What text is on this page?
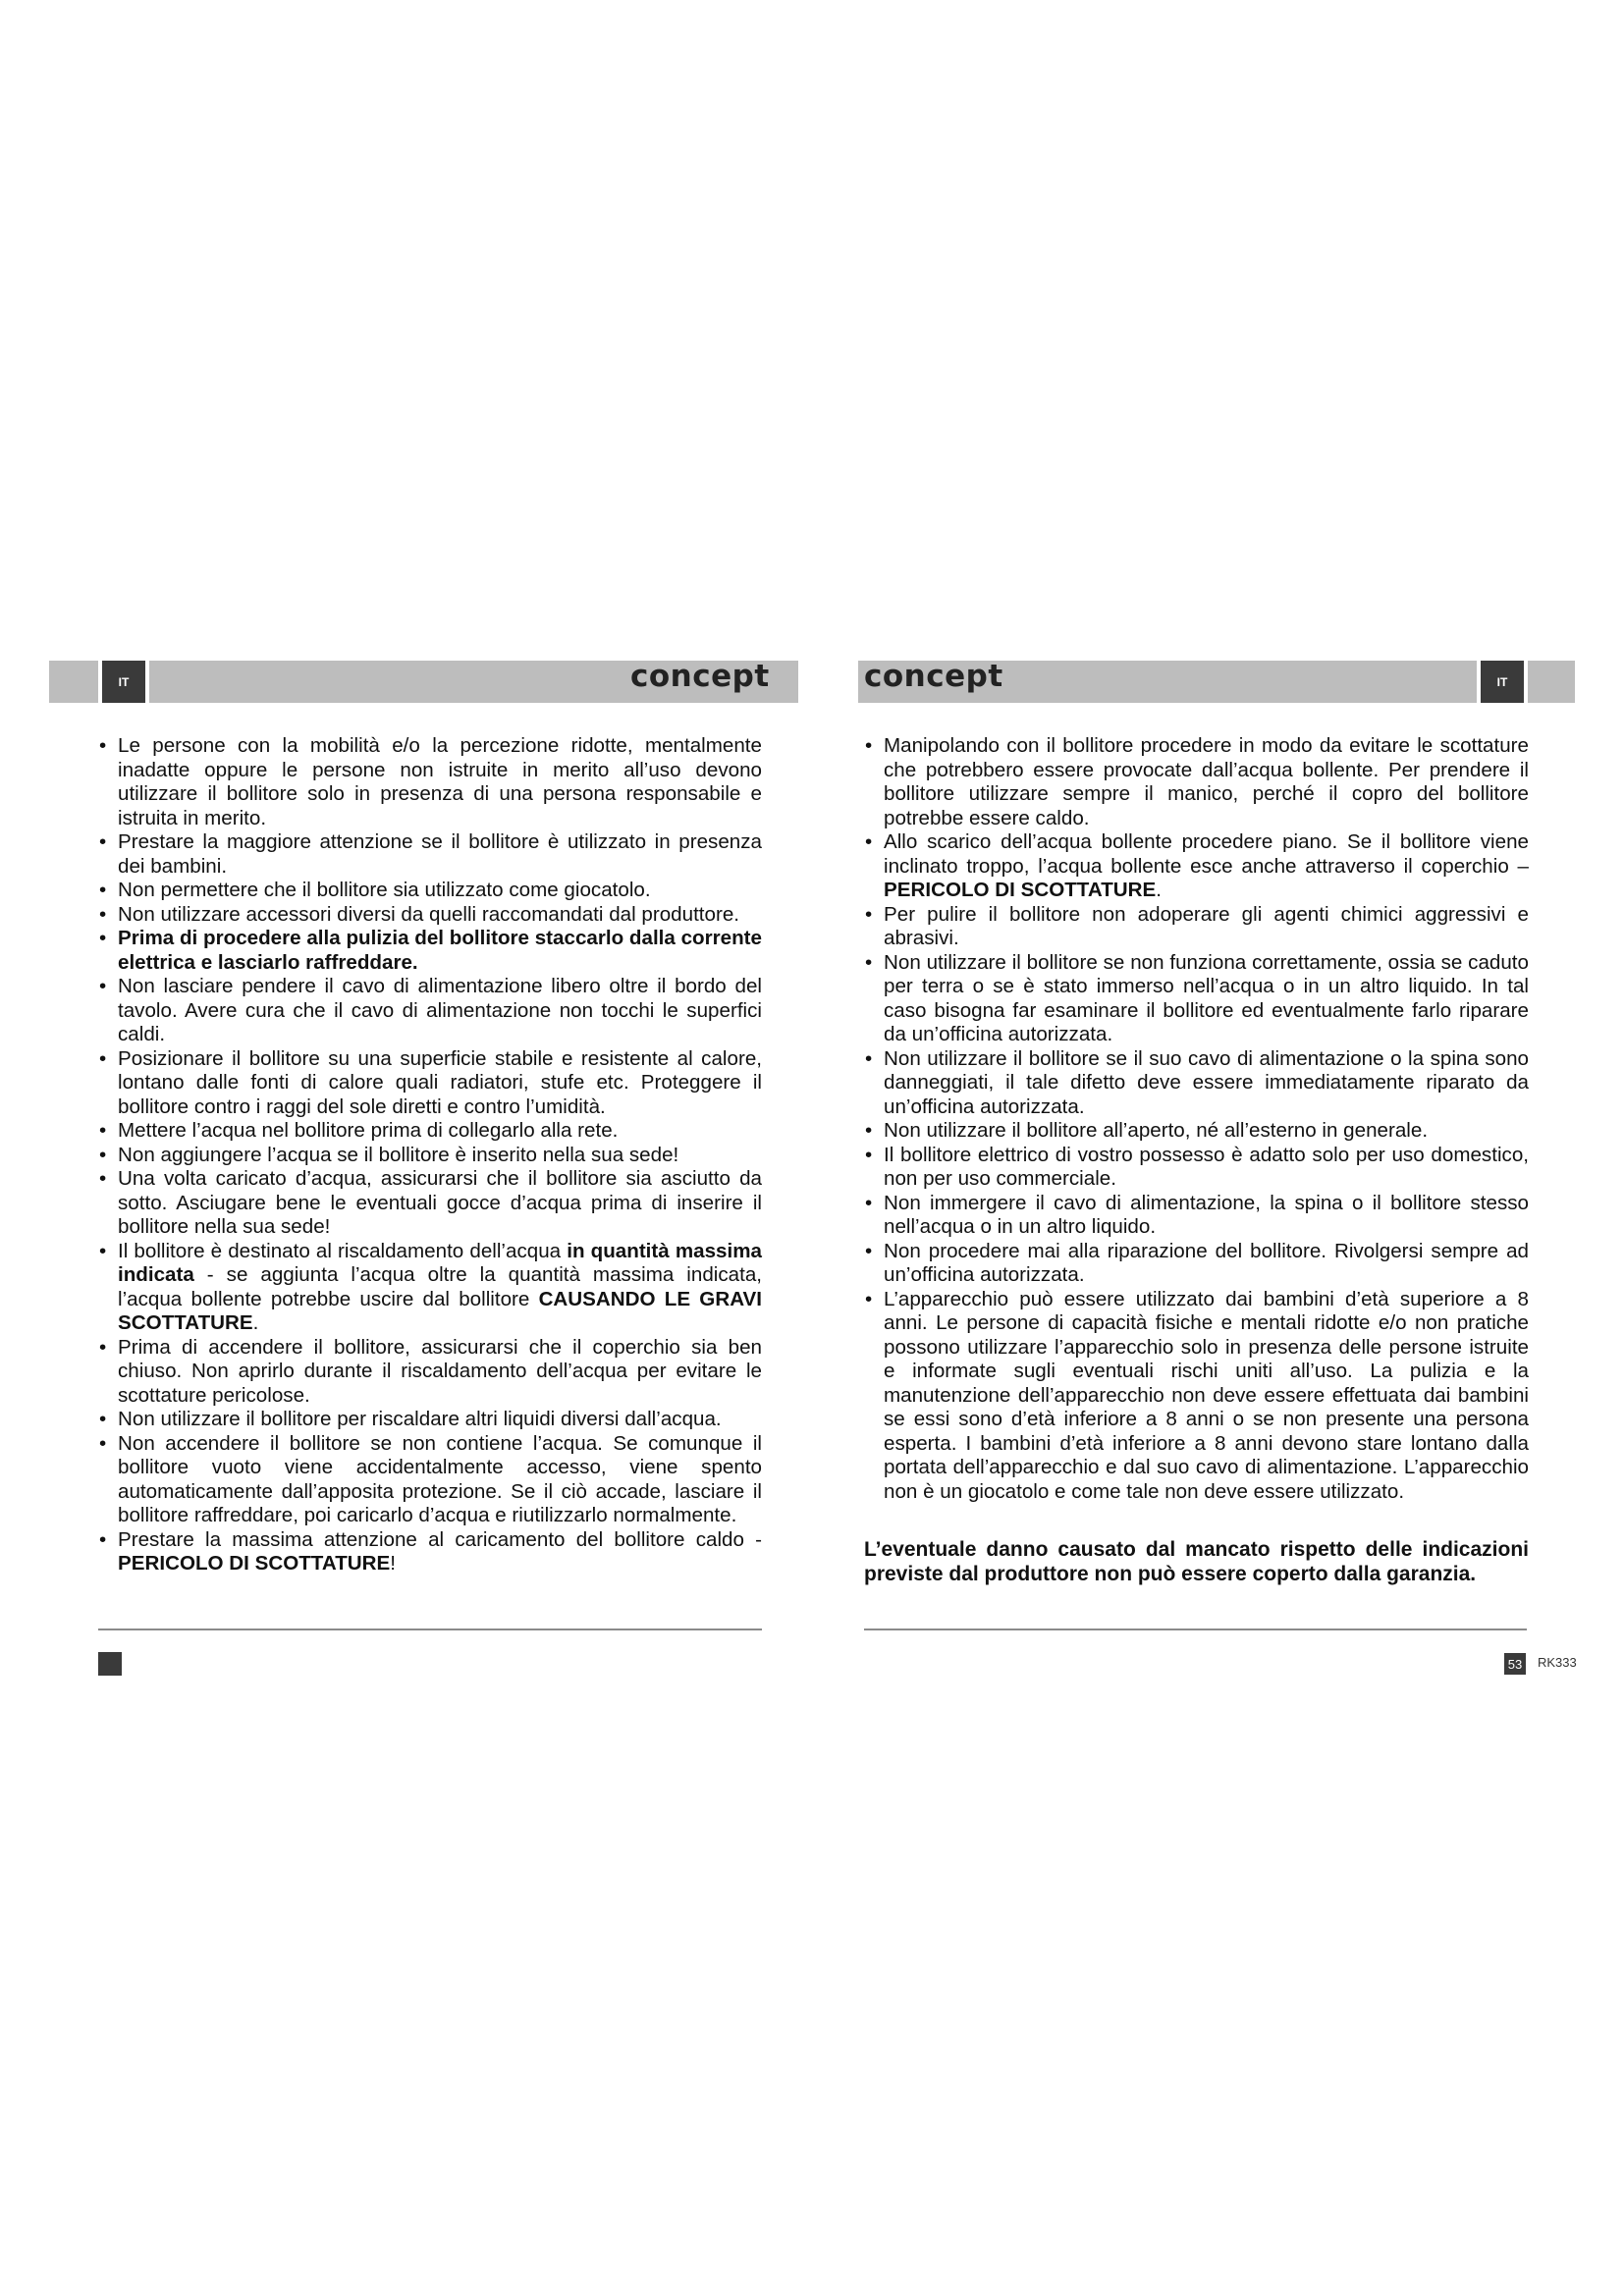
IT	IT
concept	concept
• Le persone con la mobilità e/o la percezione ridotte, mentalmente inadatte oppure le persone non istruite in merito all’uso devono utilizzare il bollitore solo in presenza di una persona responsabile e istruita in merito.
• Prestare la maggiore attenzione se il bollitore è utilizzato in presenza dei bambini.
• Non permettere che il bollitore sia utilizzato come giocatolo.
• Non utilizzare accessori diversi da quelli raccomandati dal produttore.
• Prima di procedere alla pulizia del bollitore staccarlo dalla corrente elettrica e lasciarlo raffreddare.
• Non lasciare pendere il cavo di alimentazione libero oltre il bordo del tavolo. Avere cura che il cavo di alimentazione non tocchi le superfici caldi.
• Posizionare il bollitore su una superficie stabile e resistente al calore, lontano dalle fonti di calore quali radiatori, stufe etc. Proteggere il bollitore contro i raggi del sole diretti e contro l’umidità.
• Mettere l’acqua nel bollitore prima di collegarlo alla rete.
• Non aggiungere l’acqua se il bollitore è inserito nella sua sede!
• Una volta caricato d’acqua, assicurarsi che il bollitore sia asciutto da sotto. Asciugare bene le eventuali gocce d’acqua prima di inserire il bollitore nella sua sede!
• Il bollitore è destinato al riscaldamento dell’acqua in quantità massima indicata - se aggiunta l’acqua oltre la quantità massima indicata, l’acqua bollente potrebbe uscire dal bollitore CAUSANDO LE GRAVI SCOTTATURE.
• Prima di accendere il bollitore, assicurarsi che il coperchio sia ben chiuso. Non aprirlo durante il riscaldamento dell’acqua per evitare le scottature pericolose.
• Non utilizzare il bollitore per riscaldare altri liquidi diversi dall’acqua.
• Non accendere il bollitore se non contiene l’acqua. Se comunque il bollitore vuoto viene accidentalmente accesso, viene spento automaticamente dall’apposita protezione. Se il ciò accade, lasciare il bollitore raffreddare, poi caricarlo d’acqua e riutilizzarlo normalmente.
• Prestare la massima attenzione al caricamento del bollitore caldo - PERICOLO DI SCOTTATURE!
• Manipolando con il bollitore procedere in modo da evitare le scottature che potrebbero essere provocate dall’acqua bollente. Per prendere il bollitore utilizzare sempre il manico, perché il copro del bollitore potrebbe essere caldo.
• Allo scarico dell’acqua bollente procedere piano. Se il bollitore viene inclinato troppo, l’acqua bollente esce anche attraverso il coperchio – PERICOLO DI SCOTTATURE.
• Per pulire il bollitore non adoperare gli agenti chimici aggressivi e abrasivi.
• Non utilizzare il bollitore se non funziona correttamente, ossia se caduto per terra o se è stato immerso nell’acqua o in un altro liquido. In tal caso bisogna far esaminare il bollitore ed eventualmente farlo riparare da un’officina autorizzata.
• Non utilizzare il bollitore se il suo cavo di alimentazione o la spina sono danneggiati, il tale difetto deve essere immediatamente riparato da un’officina autorizzata.
• Non utilizzare il bollitore all’aperto, né all’esterno in generale.
• Il bollitore elettrico di vostro possesso è adatto solo per uso domestico, non per uso commerciale.
• Non immergere il cavo di alimentazione, la spina o il bollitore stesso nell’acqua o in un altro liquido.
• Non procedere mai alla riparazione del bollitore. Rivolgersi sempre ad un’officina autorizzata.
• L’apparecchio può essere utilizzato dai bambini d’età superiore a 8 anni. Le persone di capacità fisiche e mentali ridotte e/o non pratiche possono utilizzare l’apparecchio solo in presenza delle persone istruite e informate sugli eventuali rischi uniti all’uso. La pulizia e la manutenzione dell’apparecchio non deve essere effettuata dai bambini se essi sono d’età inferiore a 8 anni o se non presente una persona esperta. I bambini d’età inferiore a 8 anni devono stare lontano dalla portata dell’apparecchio e dal suo cavo di alimentazione. L’apparecchio non è un giocatolo e come tale non deve essere utilizzato.

L’eventuale danno causato dal mancato rispetto delle indicazioni previste dal produttore non può essere coperto dalla garanzia.

53 RK333
